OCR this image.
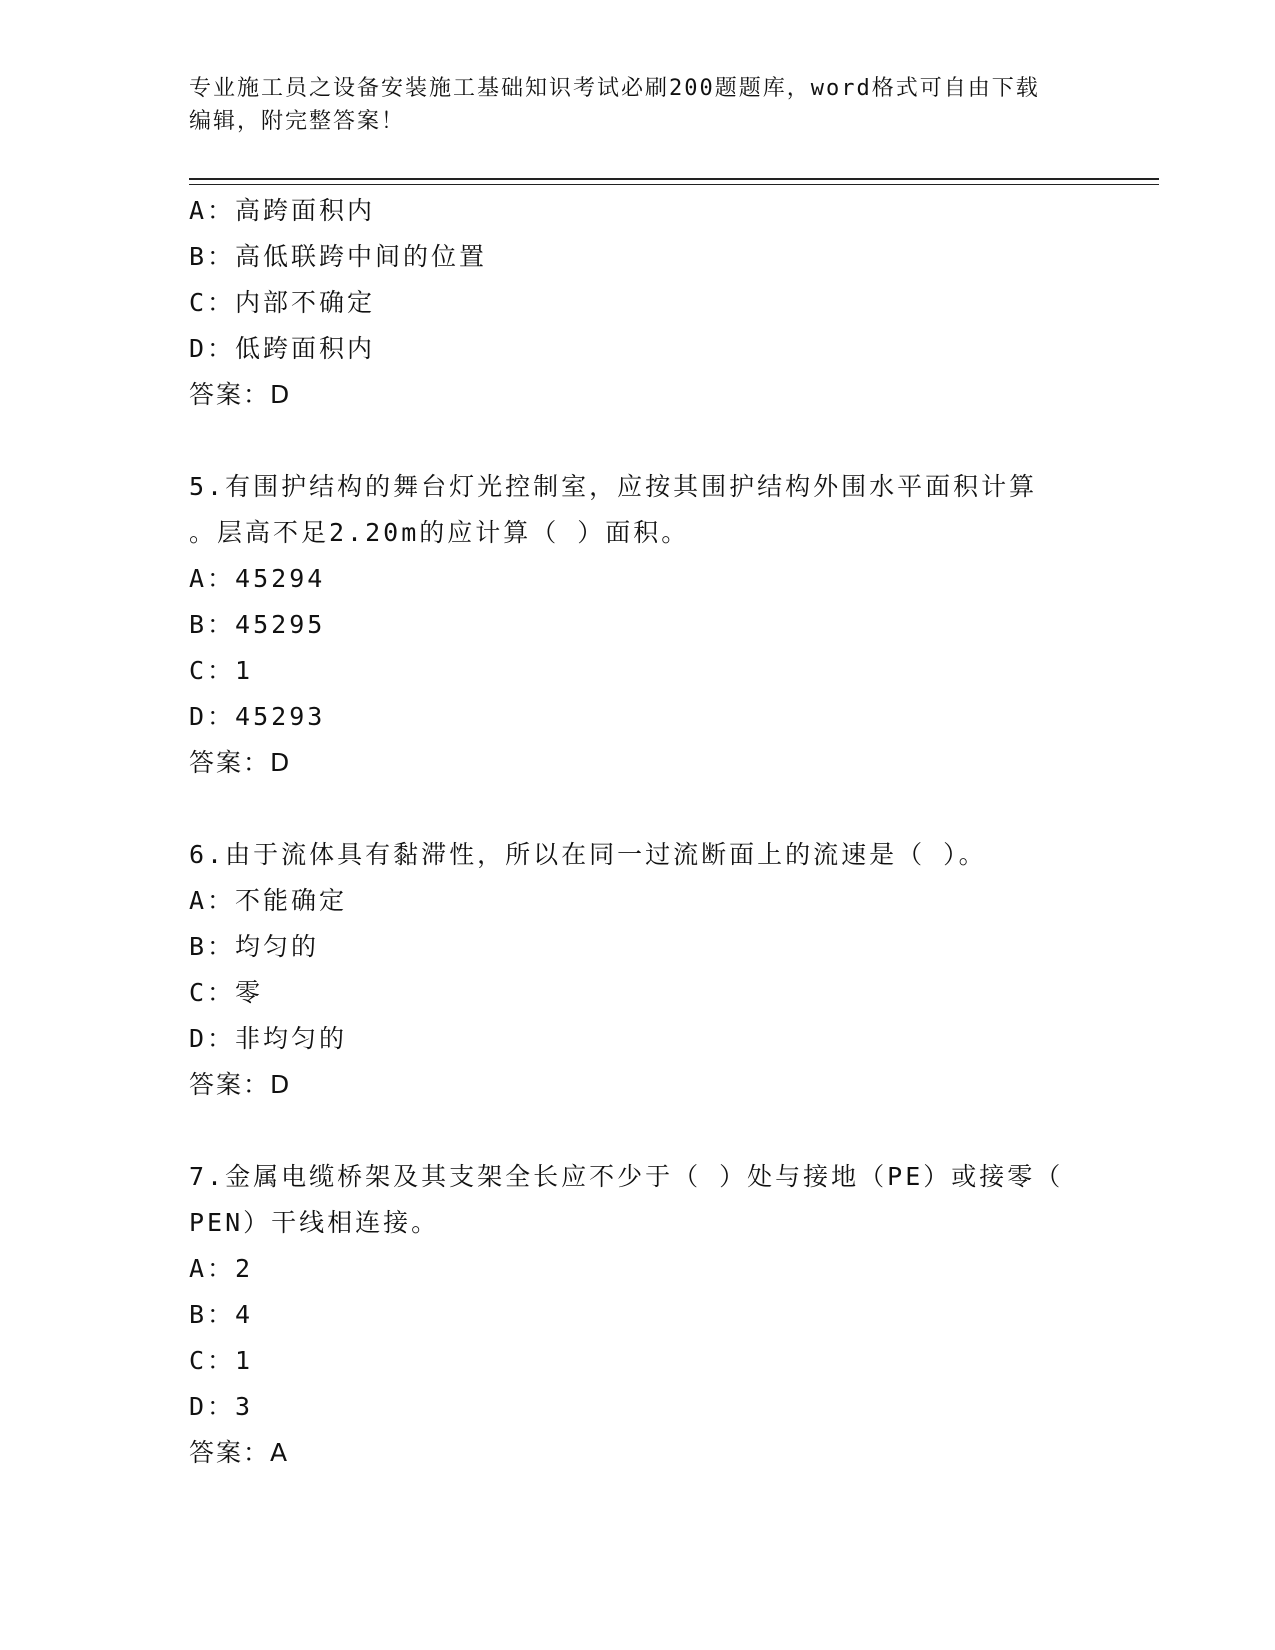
专业施工员之设备安装施工基础知识考试必刷200题题库，word格式可自由下载
编辑，附完整答案！
A：高跨面积内
B：高低联跨中间的位置
C：内部不确定
D：低跨面积内
答案：D
5.有围护结构的舞台灯光控制室，应按其围护结构外围水平面积计算
。层高不足2.20m的应计算（ ）面积。
A：45294
B：45295
C：1
D：45293
答案：D
6.由于流体具有黏滞性，所以在同一过流断面上的流速是（ ）。
A：不能确定
B：均匀的
C：零
D：非均匀的
答案：D
7.金属电缆桥架及其支架全长应不少于（ ）处与接地（PE）或接零（
PEN）干线相连接。
A：2
B：4
C：1
D：3
答案：A
